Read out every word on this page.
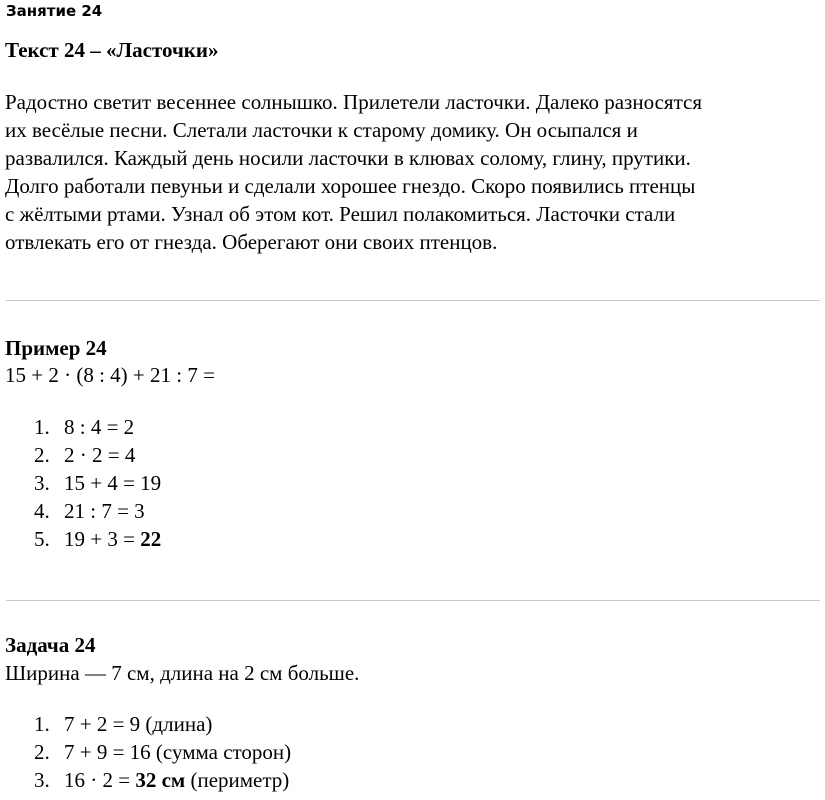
Занятие 24
Текст 24 – «Ласточки»

Радостно светит весеннее солнышко. Прилетели ласточки. Далеко разносятся
их весёлые песни. Слетали ласточки к старому домику. Он осыпался и
развалился. Каждый день носили ласточки в клювах солому, глину, прутики.
Долго работали певуньи и сделали хорошее гнездо. Скоро появились птенцы
с жёлтыми ртами. Узнал об этом кот. Решил полакомиться. Ласточки стали
отвлекать его от гнезда. Оберегают они своих птенцов.

Пример 24

15 + 2 · (8 : 4) + 21 : 7 =

1. 8 : 4 = 2
2. 2 · 2 = 4
3. 15 + 4 = 19
4. 21 : 7 = 3
5. 19 + 3 = 22
Задача 24

Ширина — 7 см, длина на 2 см больше.

1. 7 + 2 = 9 (длина)
2. 7 + 9 = 16 (сумма сторон)
3. 16 · 2 = 32 см (периметр)
